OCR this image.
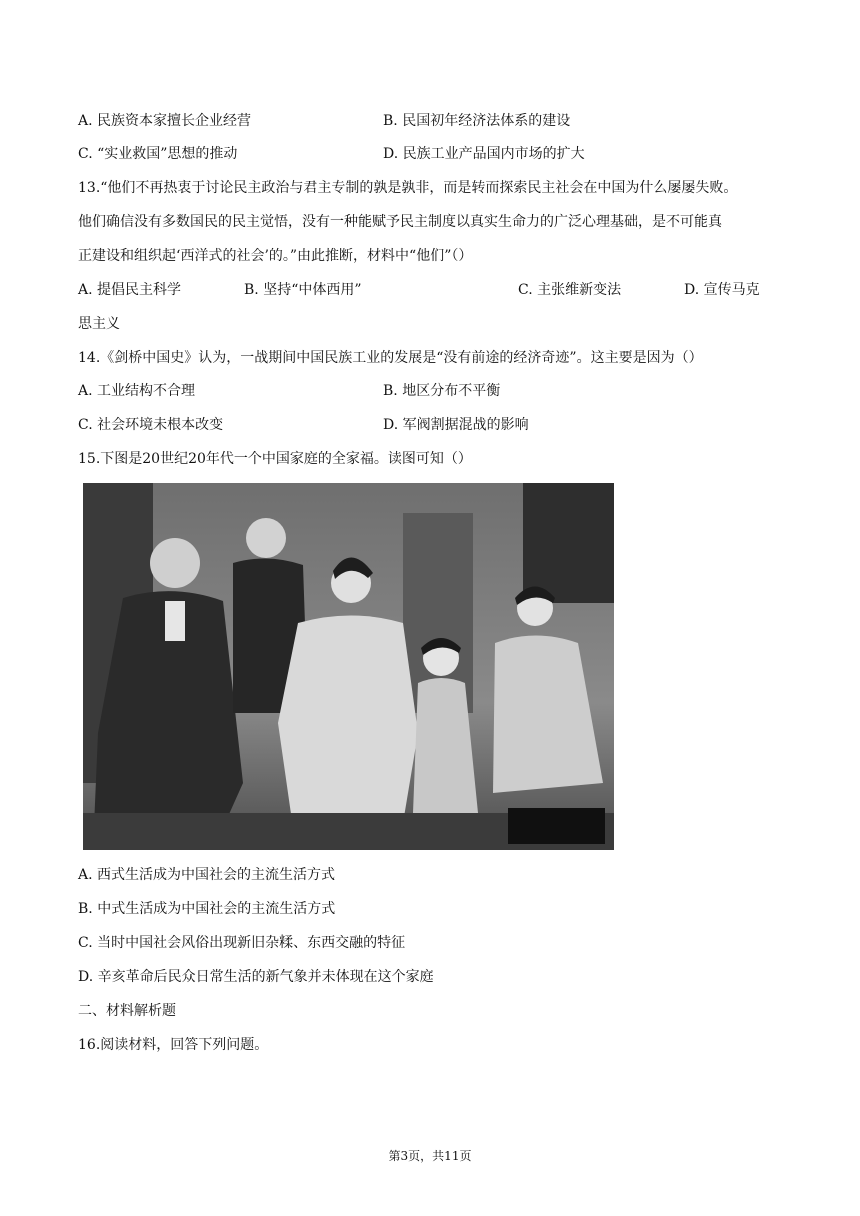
A. 民族资本家擅长企业经营	B. 民国初年经济法体系的建设
C. “实业救国”思想的推动	D. 民族工业产品国内市场的扩大
13.“他们不再热衷于讨论民主政治与君主专制的孰是孰非，而是转而探索民主社会在中国为什么屡屡失败。
他们确信没有多数国民的民主觉悟，没有一种能赋予民主制度以真实生命力的广泛心理基础，是不可能真
正建设和组织起‘西洋式的社会’的。”由此推断，材料中“他们”（）
A. 提倡民主科学	B. 坚持“中体西用”	C. 主张维新变法	D. 宣传马克
思主义
14.《剑桥中国史》认为，一战期间中国民族工业的发展是“没有前途的经济奇迹”。这主要是因为（）
A. 工业结构不合理	B. 地区分布不平衡
C. 社会环境未根本改变	D. 军阀割据混战的影响
15.下图是20世纪20年代一个中国家庭的全家福。读图可知（）
A. 西式生活成为中国社会的主流生活方式
B. 中式生活成为中国社会的主流生活方式
C. 当时中国社会风俗出现新旧杂糅、东西交融的特征
D. 辛亥革命后民众日常生活的新气象并未体现在这个家庭
二、材料解析题
16.阅读材料，回答下列问题。
第3页，共11页
